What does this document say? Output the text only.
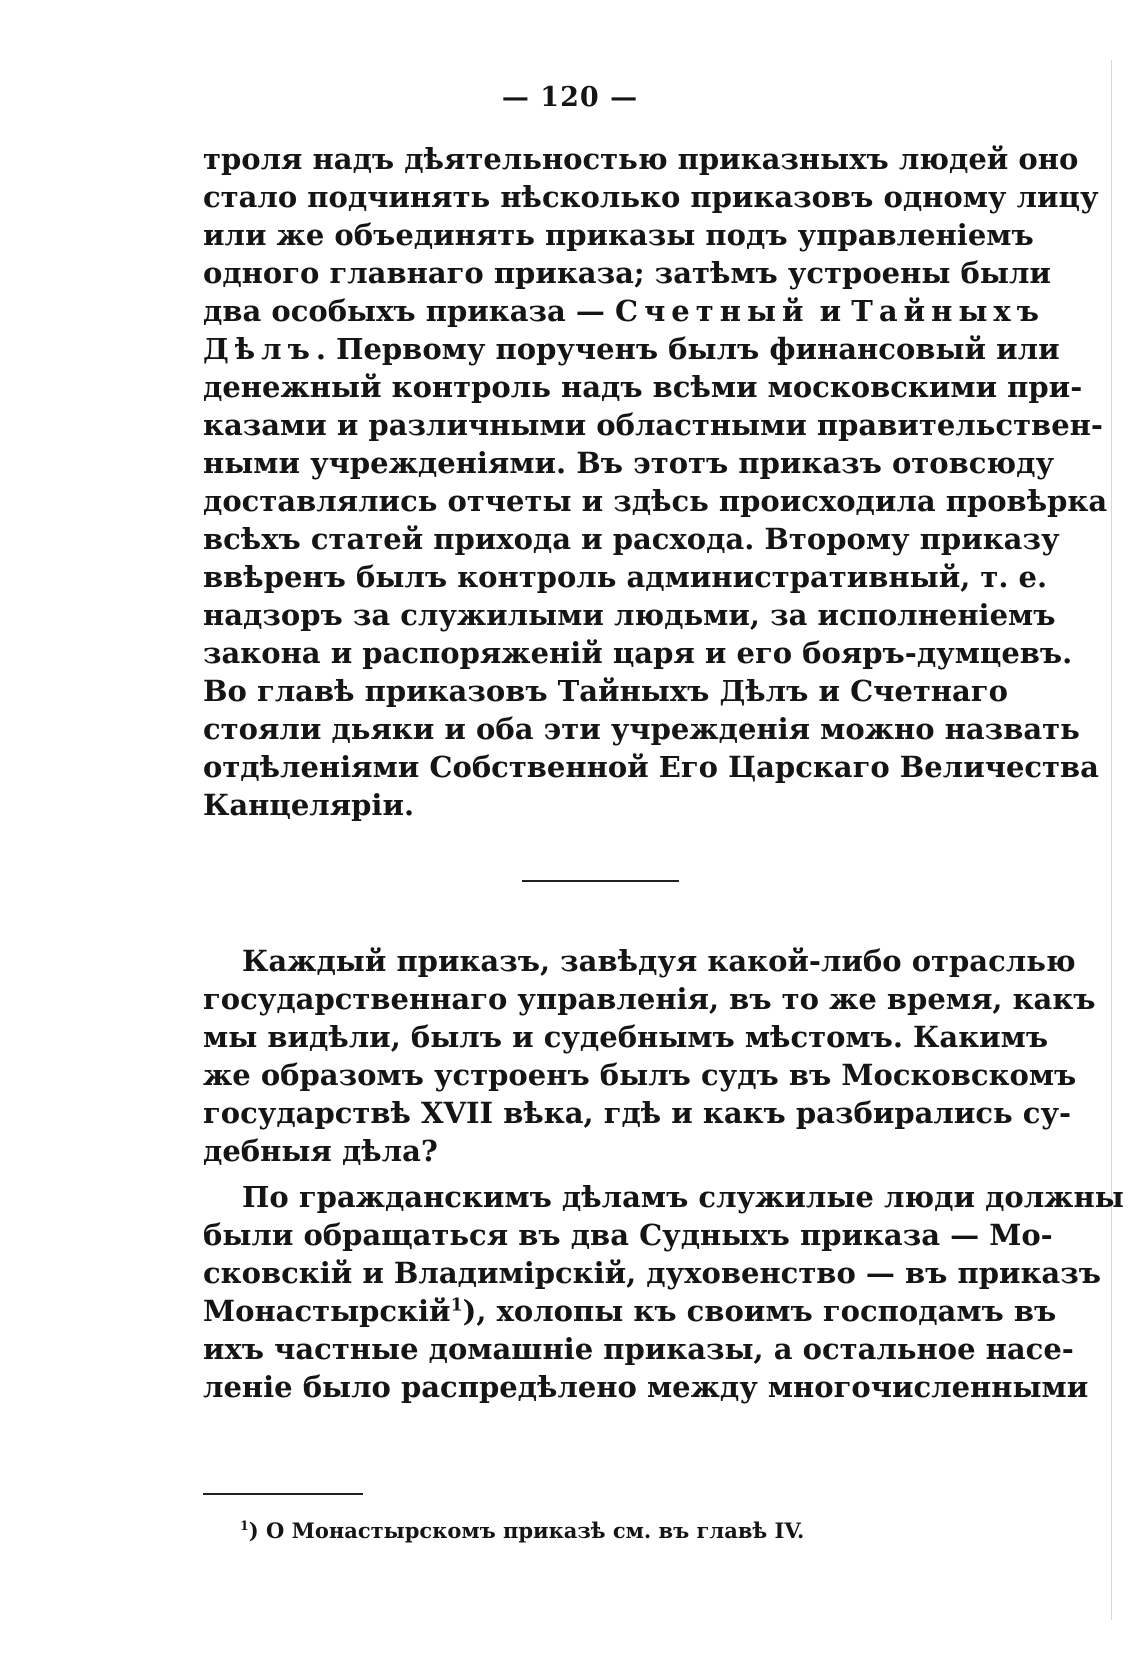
— 120 —
троля надъ дѣятельностью приказныхъ людей оно
стало подчинять нѣсколько приказовъ одному лицу
или же объединять приказы подъ управленіемъ
одного главнаго приказа; затѣмъ устроены были
два особыхъ приказа — Счетный и Тайныхъ
Дѣлъ. Первому порученъ былъ финансовый или
денежный контроль надъ всѣми московскими при-
казами и различными областными правительствен-
ными учрежденіями. Въ этотъ приказъ отовсюду
доставлялись отчеты и здѣсь происходила провѣрка
всѣхъ статей прихода и расхода. Второму приказу
ввѣренъ былъ контроль административный, т. е.
надзоръ за служилыми людьми, за исполненіемъ
закона и распоряженій царя и его бояръ-думцевъ.
Во главѣ приказовъ Тайныхъ Дѣлъ и Счетнаго
стояли дьяки и оба эти учрежденія можно назвать
отдѣленіями Собственной Его Царскаго Величества
Канцеляріи.
Каждый приказъ, завѣдуя какой-либо отраслью
государственнаго управленія, въ то же время, какъ
мы видѣли, былъ и судебнымъ мѣстомъ. Какимъ
же образомъ устроенъ былъ судъ въ Московскомъ
государствѣ XVII вѣка, гдѣ и какъ разбирались су-
дебныя дѣла?
По гражданскимъ дѣламъ служилые люди должны
были обращаться въ два Судныхъ приказа — Мо-
сковскій и Владимірскій, духовенство — въ приказъ
Монастырскій$^1$), холопы къ своимъ господамъ въ
ихъ частные домашніе приказы, а остальное насе-
леніе было распредѣлено между многочисленными
$^1$) О Монастырскомъ приказѣ см. въ главѣ IV.
